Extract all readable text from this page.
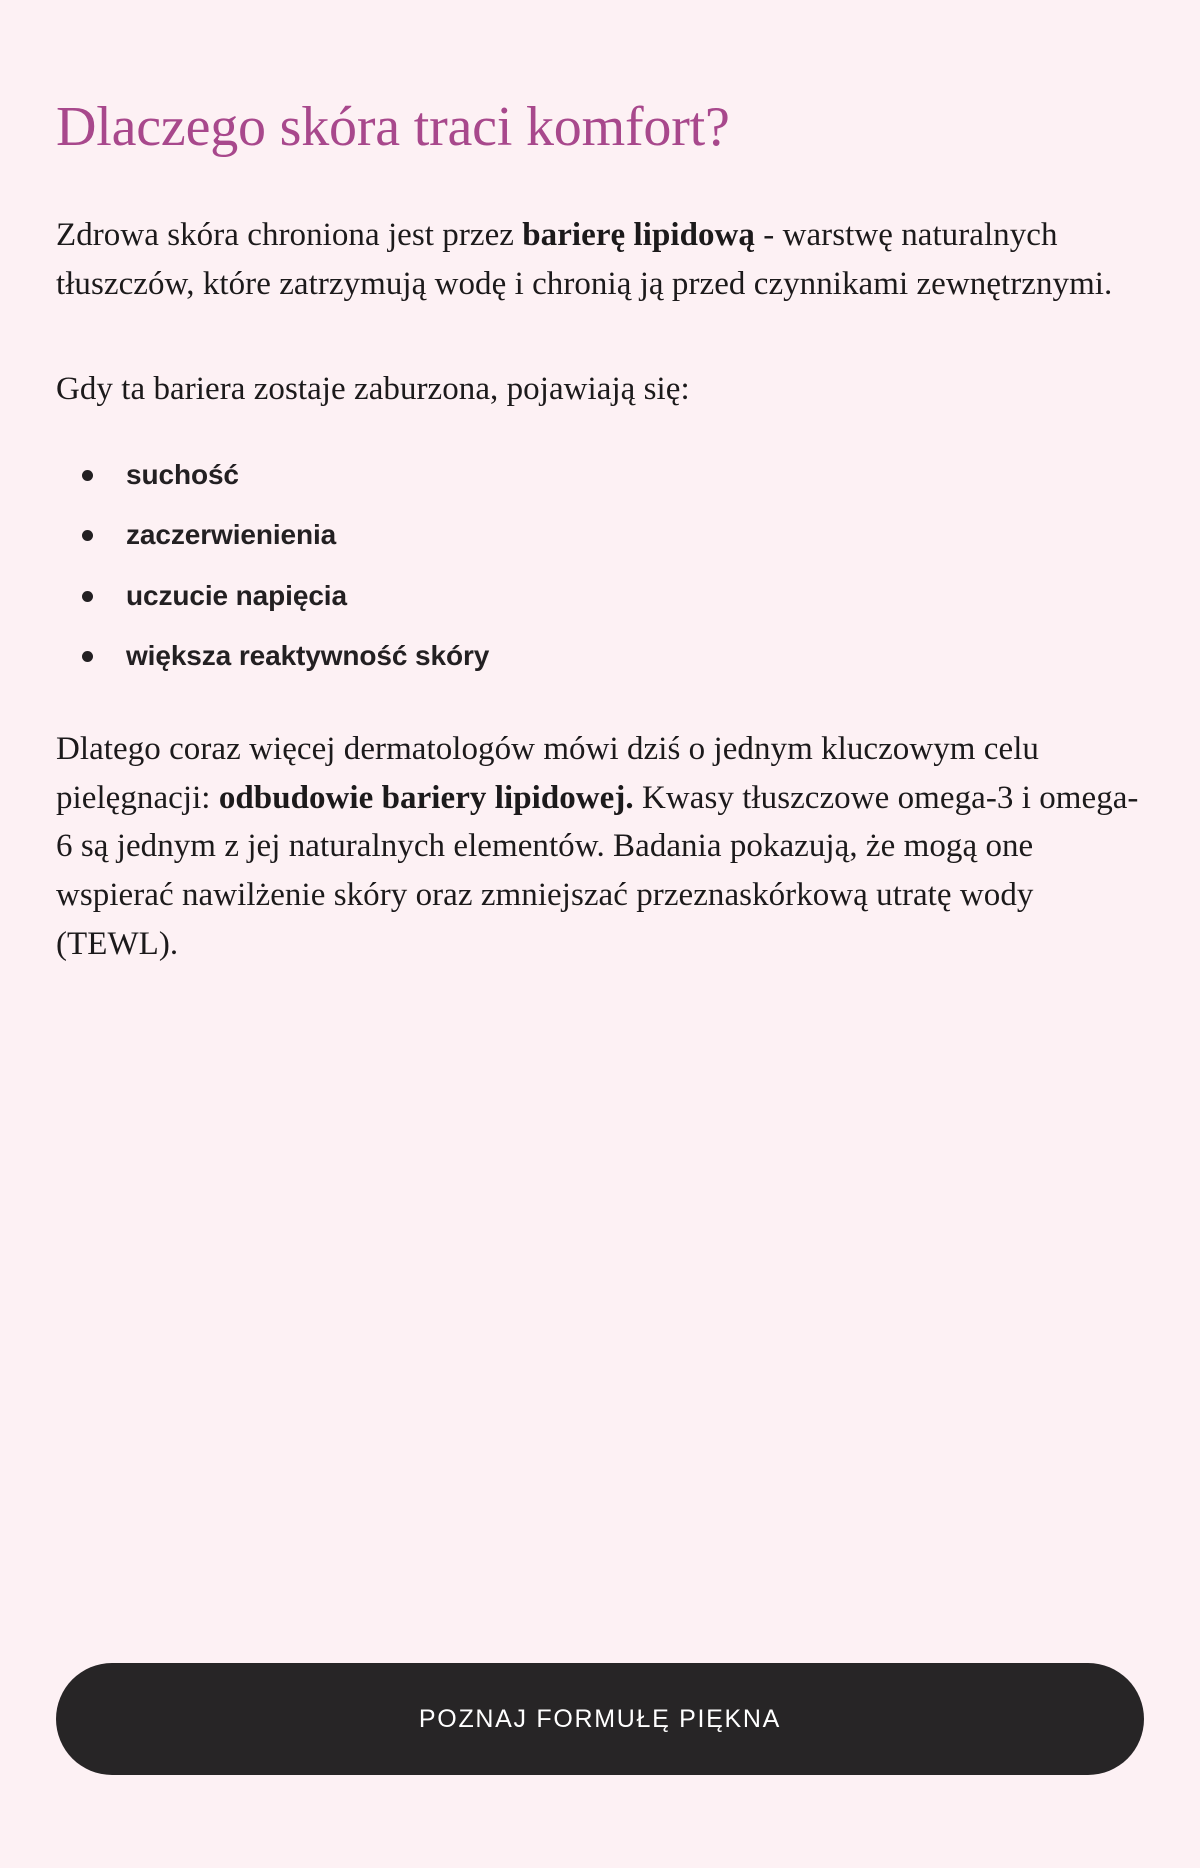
Dlaczego skóra traci komfort?

Zdrowa skóra chroniona jest przez barierę lipidową - warstwę naturalnych tłuszczów, które zatrzymują wodę i chronią ją przed czynnikami zewnętrznymi.

Gdy ta bariera zostaje zaburzona, pojawiają się:

suchość
zaczerwienienia
uczucie napięcia
większa reaktywność skóry

Dlatego coraz więcej dermatologów mówi dziś o jednym kluczowym celu pielęgnacji: odbudowie bariery lipidowej. Kwasy tłuszczowe omega-3 i omega-6 są jednym z jej naturalnych elementów. Badania pokazują, że mogą one wspierać nawilżenie skóry oraz zmniejszać przeznaskórkową utratę wody (TEWL).

POZNAJ FORMUŁĘ PIĘKNA
